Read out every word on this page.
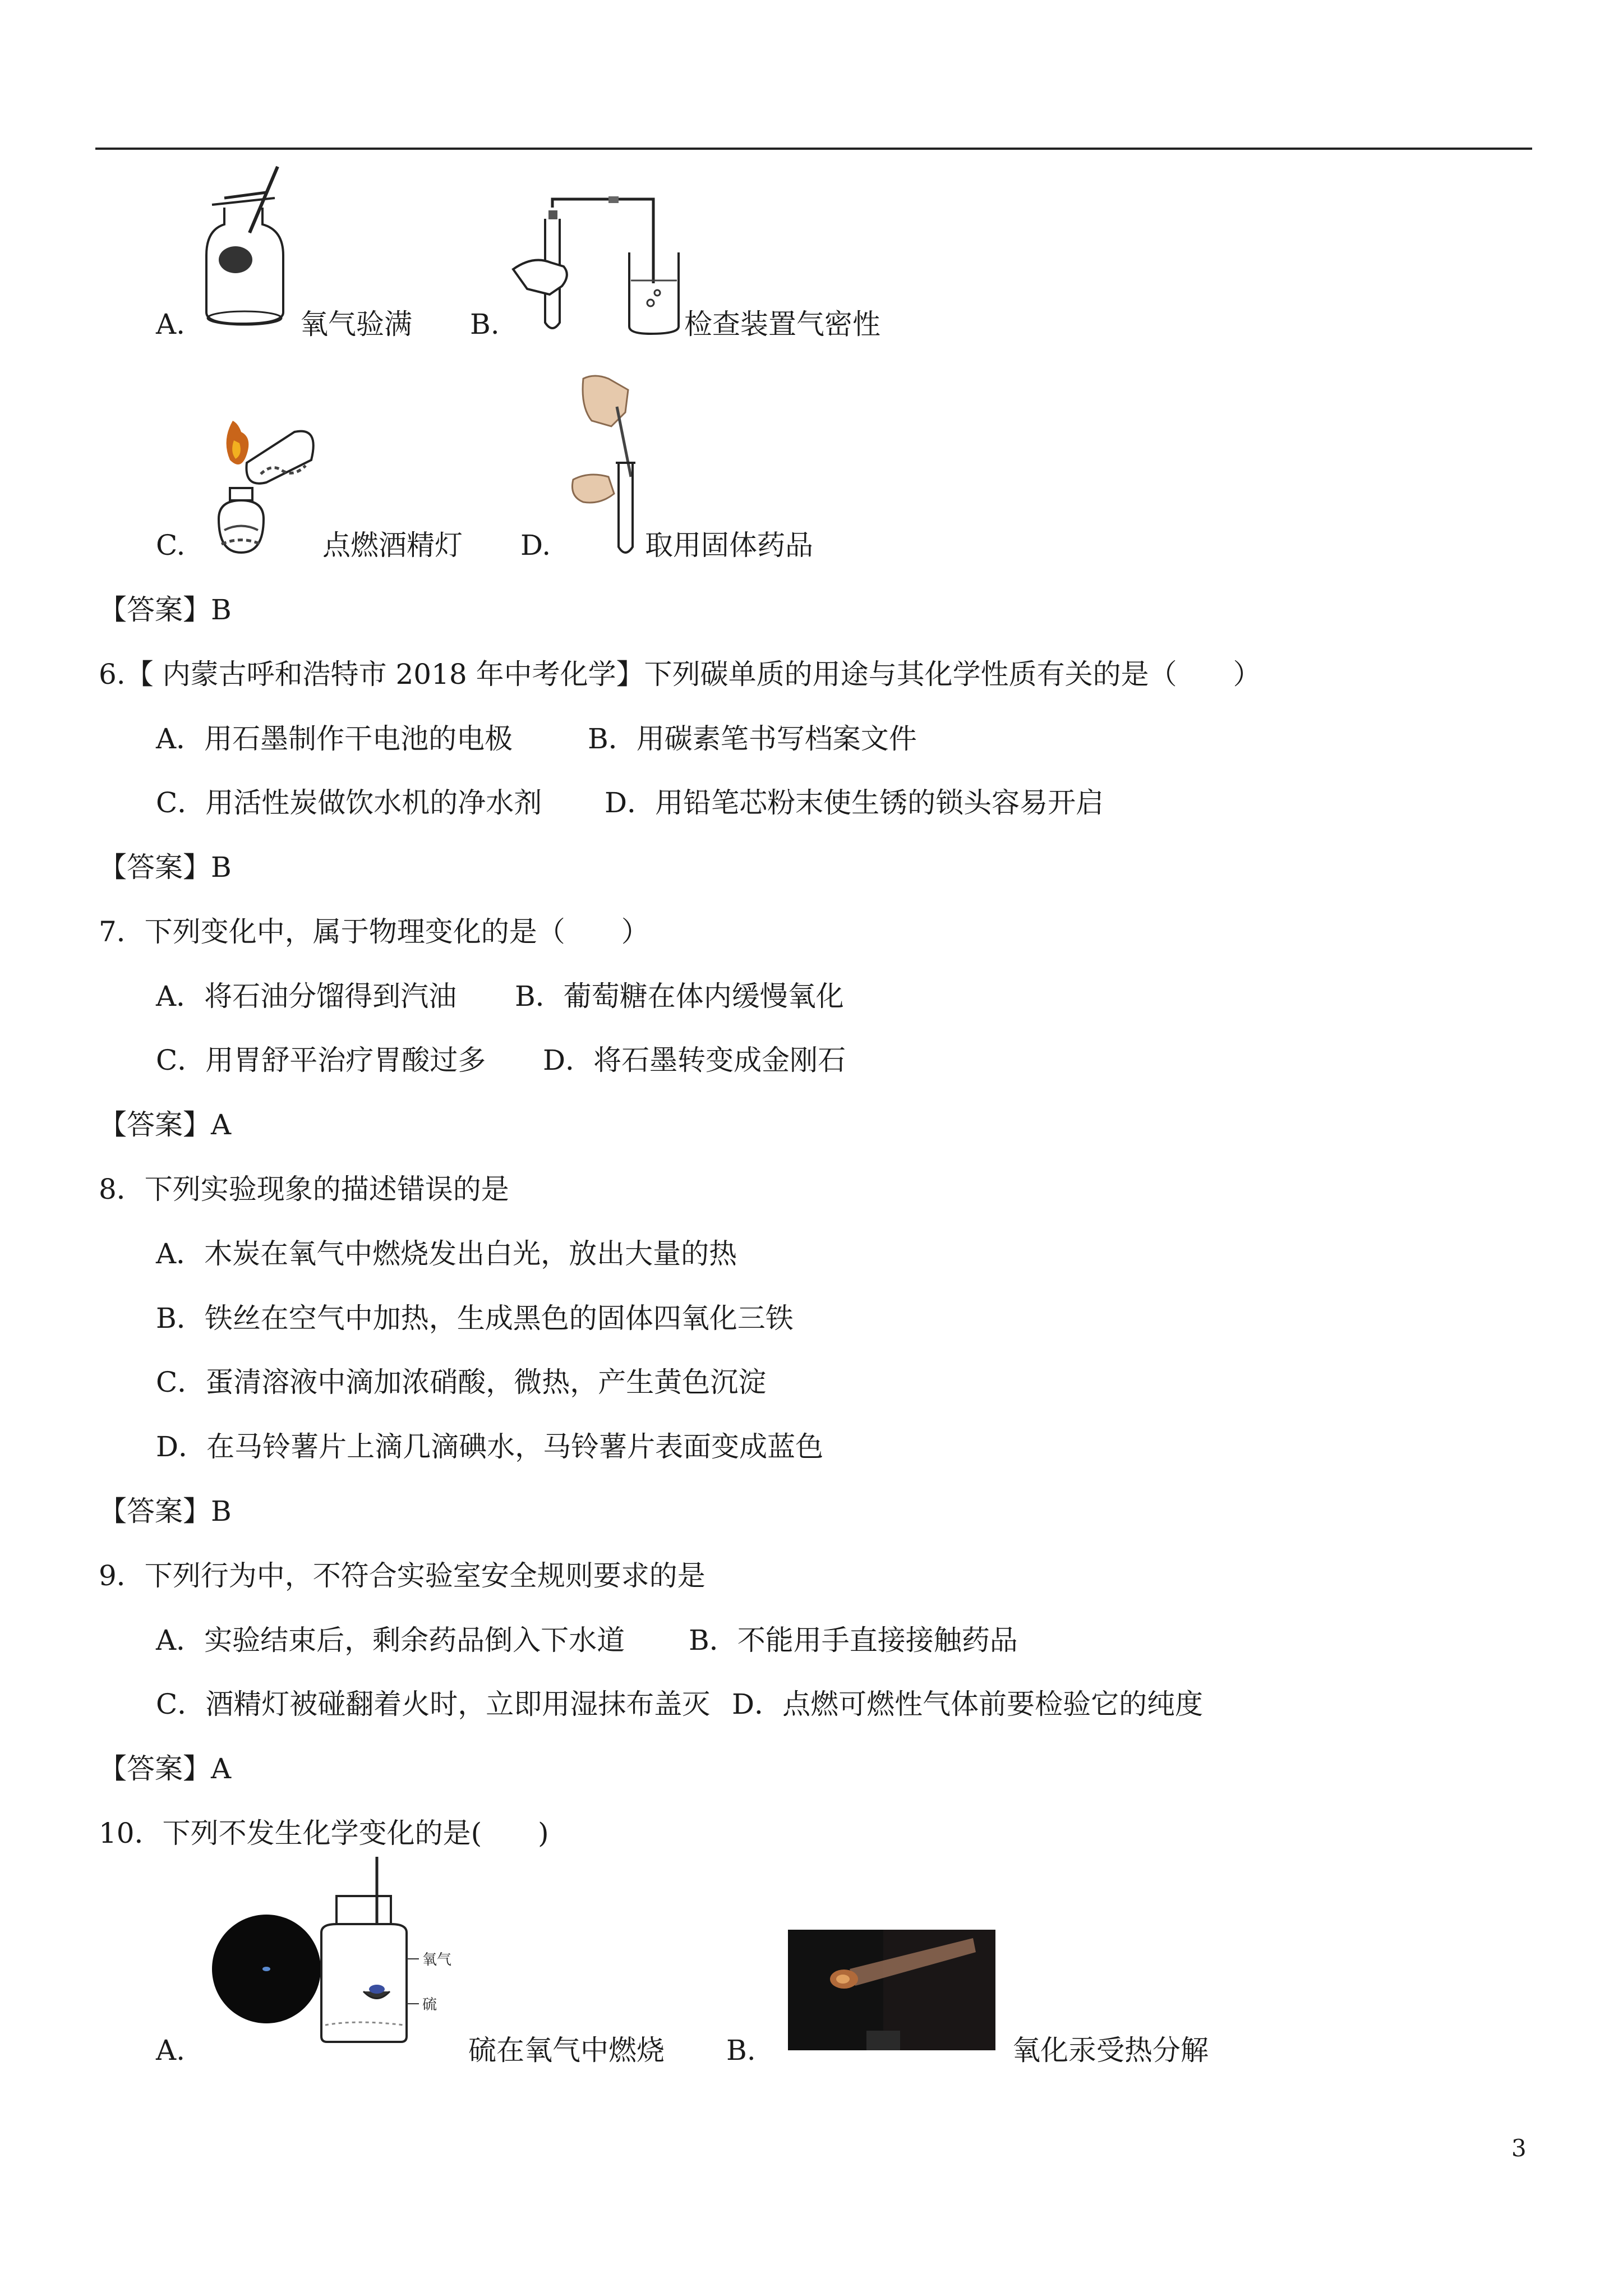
A.	氧气验满 B.	检查装置气密性
C.	点燃酒精灯 D.	取用固体药品
【答案】B
6.【 内蒙古呼和浩特市 2018 年中考化学】下列碳单质的用途与其化学性质有关的是（　　）
A．用石墨制作干电池的电极	B．用碳素笔书写档案文件
C．用活性炭做饮水机的净水剂 D．用铅笔芯粉末使生锈的锁头容易开启
【答案】B
7．下列变化中，属于物理变化的是（　　）
A．将石油分馏得到汽油 B．葡萄糖在体内缓慢氧化
C．用胃舒平治疗胃酸过多 D．将石墨转变成金刚石
【答案】A
8．下列实验现象的描述错误的是
A．木炭在氧气中燃烧发出白光，放出大量的热
B．铁丝在空气中加热，生成黑色的固体四氧化三铁
C．蛋清溶液中滴加浓硝酸，微热，产生黄色沉淀
D．在马铃薯片上滴几滴碘水，马铃薯片表面变成蓝色
【答案】B
9．下列行为中，不符合实验室安全规则要求的是
A．实验结束后，剩余药品倒入下水道 B．不能用手直接接触药品
C．酒精灯被碰翻着火时，立即用湿抹布盖灭 D．点燃可燃性气体前要检验它的纯度
【答案】A
10．下列不发生化学变化的是(　　)
氧气
硫
A.	硫在氧气中燃烧 B.	氧化汞受热分解
3
